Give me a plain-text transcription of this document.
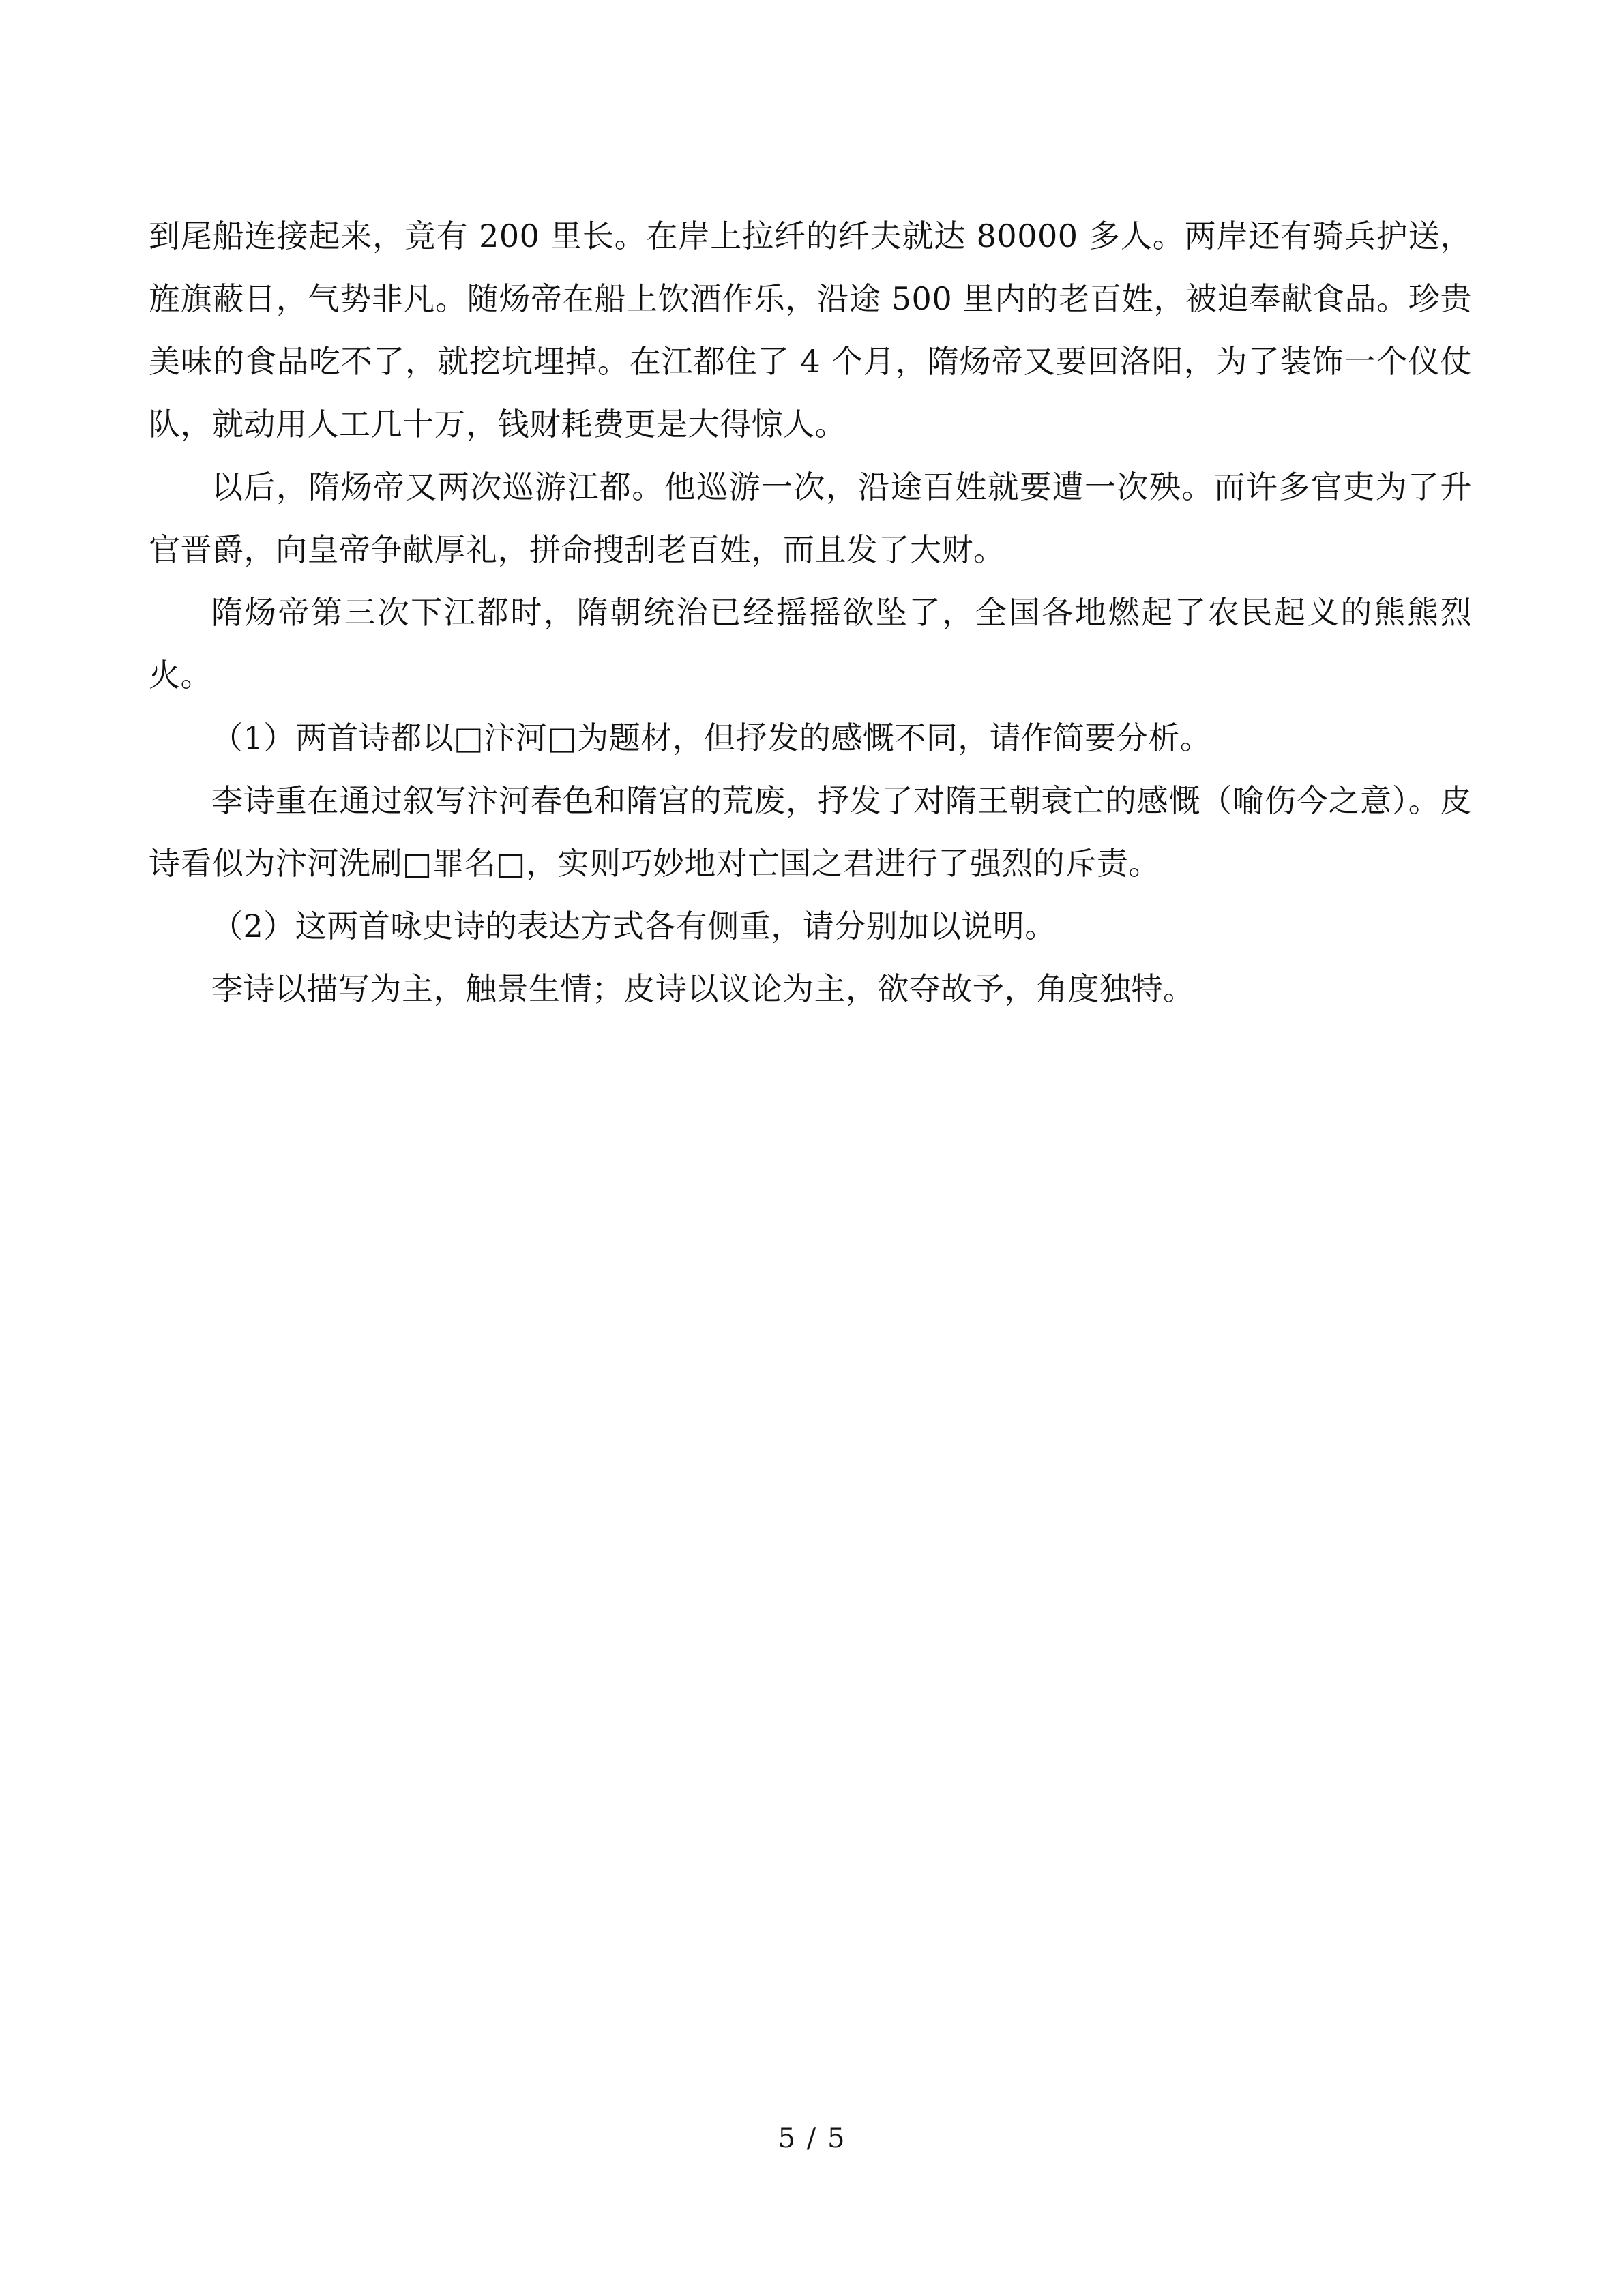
到尾船连接起来，竟有 200 里长。在岸上拉纤的纤夫就达 80000 多人。两岸还有骑兵护送，旌旗蔽日，气势非凡。随炀帝在船上饮酒作乐，沿途 500 里内的老百姓，被迫奉献食品。珍贵美味的食品吃不了，就挖坑埋掉。在江都住了 4 个月，隋炀帝又要回洛阳，为了装饰一个仪仗队，就动用人工几十万，钱财耗费更是大得惊人。

以后，隋炀帝又两次巡游江都。他巡游一次，沿途百姓就要遭一次殃。而许多官吏为了升官晋爵，向皇帝争献厚礼，拼命搜刮老百姓，而且发了大财。

隋炀帝第三次下江都时，隋朝统治已经摇摇欲坠了，全国各地燃起了农民起义的熊熊烈火。

（1）两首诗都以□汴河□为题材，但抒发的感慨不同，请作简要分析。

李诗重在通过叙写汴河春色和隋宫的荒废，抒发了对隋王朝衰亡的感慨（喻伤今之意）。皮诗看似为汴河洗刷□罪名□，实则巧妙地对亡国之君进行了强烈的斥责。

（2）这两首咏史诗的表达方式各有侧重，请分别加以说明。

李诗以描写为主，触景生情；皮诗以议论为主，欲夺故予，角度独特。

5 / 5
